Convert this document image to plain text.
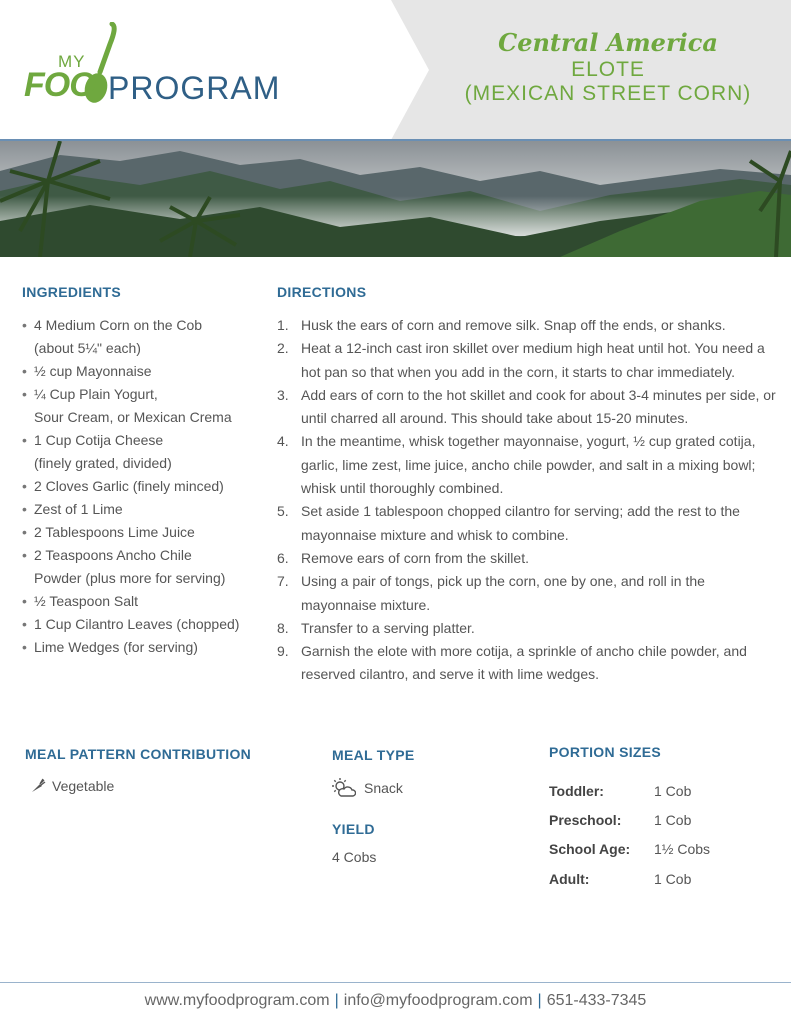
MY
FOO PROGRAM
Central America
ELOTE
(MEXICAN STREET CORN)
INGREDIENTS
• 4 Medium Corn on the Cob
(about 5¼" each)
• ½ cup Mayonnaise
• ¼ Cup Plain Yogurt,
Sour Cream, or Mexican Crema
• 1 Cup Cotija Cheese
(finely grated, divided)
• 2 Cloves Garlic (finely minced)
• Zest of 1 Lime
• 2 Tablespoons Lime Juice
• 2 Teaspoons Ancho Chile
Powder (plus more for serving)
• ½ Teaspoon Salt
• 1 Cup Cilantro Leaves (chopped)
• Lime Wedges (for serving)
DIRECTIONS
1. Husk the ears of corn and remove silk. Snap off the ends, or shanks.
2. Heat a 12-inch cast iron skillet over medium high heat until hot. You need a hot pan so that when you add in the corn, it starts to char immediately.
3. Add ears of corn to the hot skillet and cook for about 3-4 minutes per side, or until charred all around. This should take about 15-20 minutes.
4. In the meantime, whisk together mayonnaise, yogurt, ½ cup grated cotija, garlic, lime zest, lime juice, ancho chile powder, and salt in a mixing bowl; whisk until thoroughly combined.
5. Set aside 1 tablespoon chopped cilantro for serving; add the rest to the mayonnaise mixture and whisk to combine.
6. Remove ears of corn from the skillet.
7. Using a pair of tongs, pick up the corn, one by one, and roll in the mayonnaise mixture.
8. Transfer to a serving platter.
9. Garnish the elote with more cotija, a sprinkle of ancho chile powder, and reserved cilantro, and serve it with lime wedges.
MEAL PATTERN CONTRIBUTION
Vegetable
MEAL TYPE
Snack
YIELD
4 Cobs
PORTION SIZES
Toddler:	1 Cob
Preschool:	1 Cob
School Age:	1½ Cobs
Adult:	1 Cob
www.myfoodprogram.com | info@myfoodprogram.com | 651-433-7345
